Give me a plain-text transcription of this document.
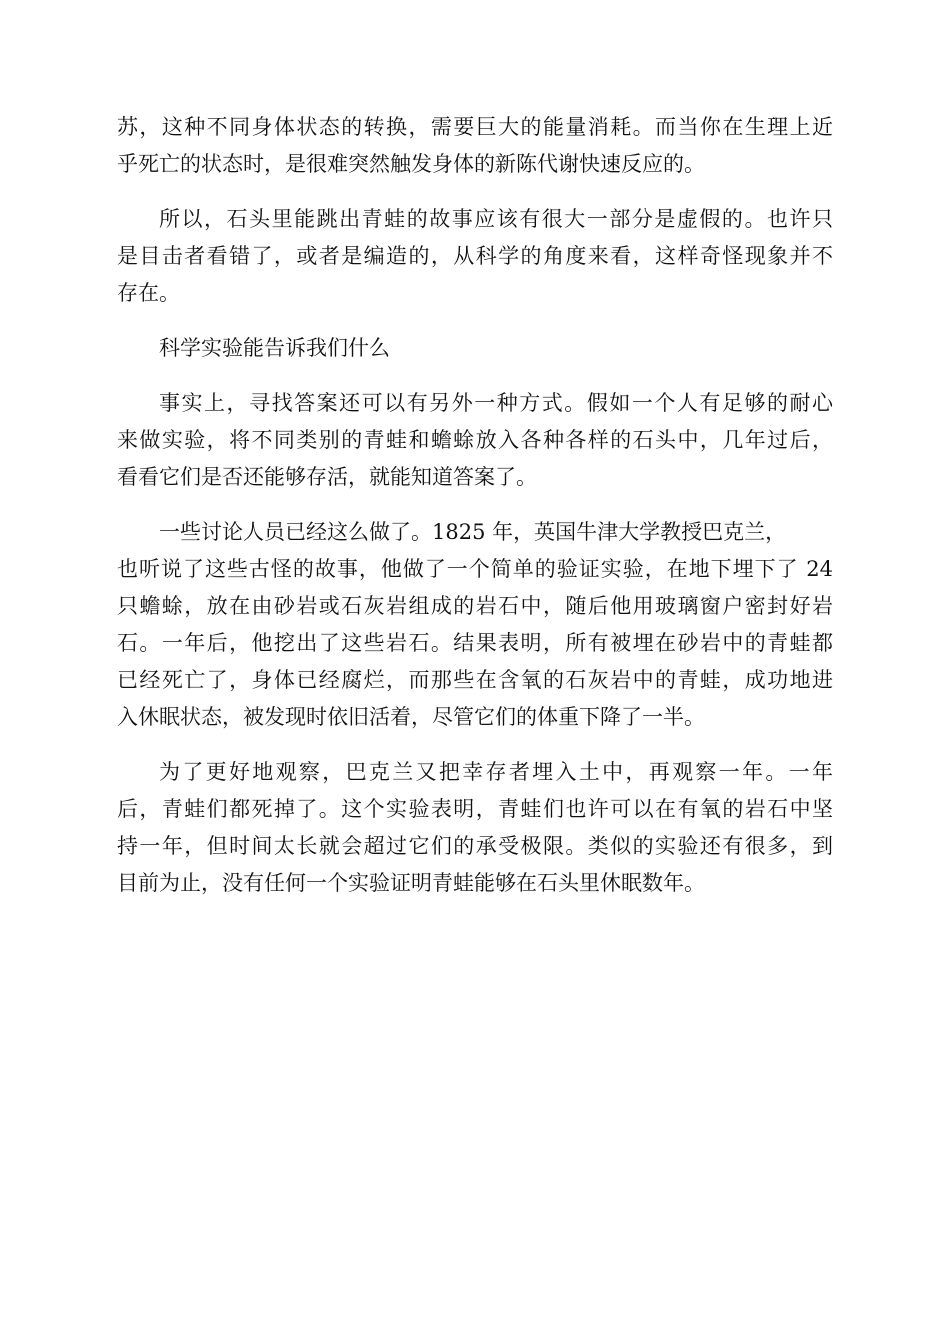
苏，这种不同身体状态的转换，需要巨大的能量消耗。而当你在生理上近
乎死亡的状态时，是很难突然触发身体的新陈代谢快速反应的。
所以，石头里能跳出青蛙的故事应该有很大一部分是虚假的。也许只
是目击者看错了，或者是编造的，从科学的角度来看，这样奇怪现象并不
存在。
科学实验能告诉我们什么
事实上，寻找答案还可以有另外一种方式。假如一个人有足够的耐心
来做实验，将不同类别的青蛙和蟾蜍放入各种各样的石头中，几年过后，
看看它们是否还能够存活，就能知道答案了。
一些讨论人员已经这么做了。1825 年，英国牛津大学教授巴克兰，
也听说了这些古怪的故事，他做了一个简单的验证实验，在地下埋下了 24
只蟾蜍，放在由砂岩或石灰岩组成的岩石中，随后他用玻璃窗户密封好岩
石。一年后，他挖出了这些岩石。结果表明，所有被埋在砂岩中的青蛙都
已经死亡了，身体已经腐烂，而那些在含氧的石灰岩中的青蛙，成功地进
入休眠状态，被发现时依旧活着，尽管它们的体重下降了一半。
为了更好地观察，巴克兰又把幸存者埋入土中，再观察一年。一年
后，青蛙们都死掉了。这个实验表明，青蛙们也许可以在有氧的岩石中坚
持一年，但时间太长就会超过它们的承受极限。类似的实验还有很多，到
目前为止，没有任何一个实验证明青蛙能够在石头里休眠数年。
